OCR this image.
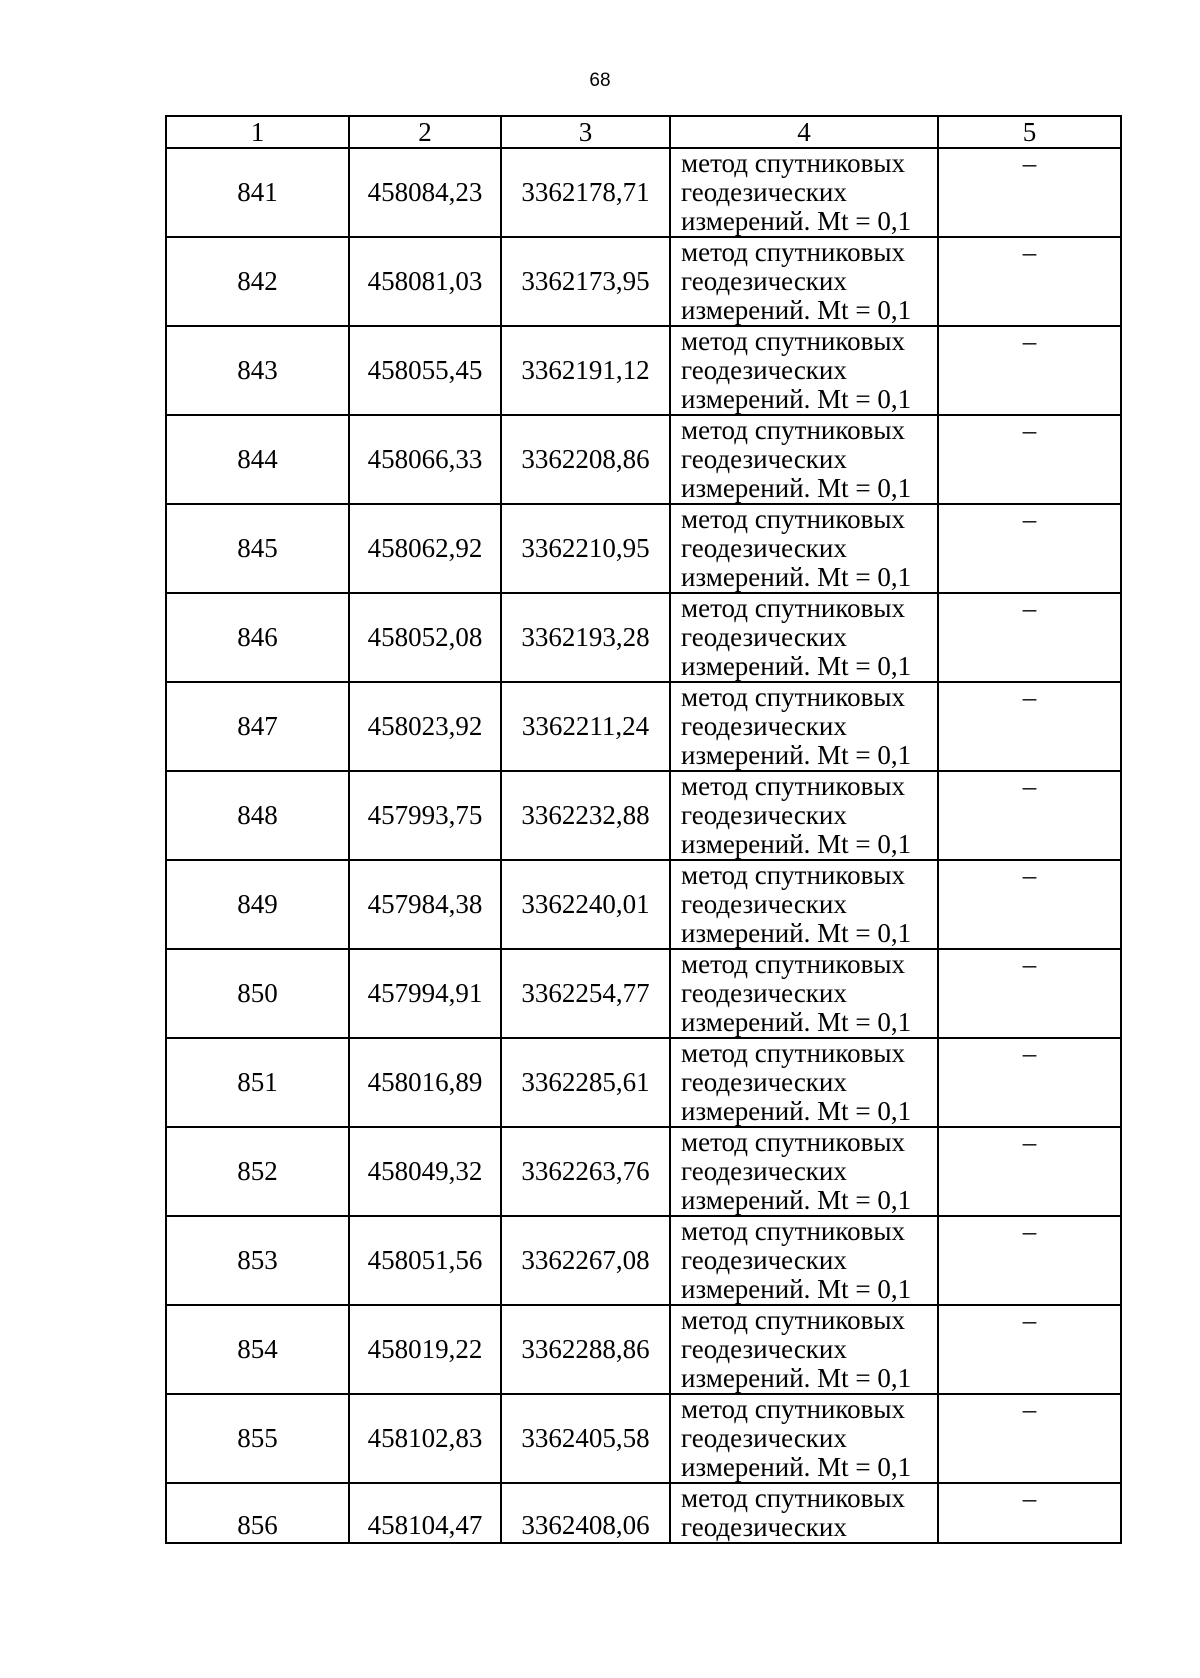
68
1	2	3	4	5
841	458084,23	3362178,71	метод спутниковых
геодезических
измерений. Mt = 0,1	–
842	458081,03	3362173,95	метод спутниковых
геодезических
измерений. Mt = 0,1	–
843	458055,45	3362191,12	метод спутниковых
геодезических
измерений. Mt = 0,1	–
844	458066,33	3362208,86	метод спутниковых
геодезических
измерений. Mt = 0,1	–
845	458062,92	3362210,95	метод спутниковых
геодезических
измерений. Mt = 0,1	–
846	458052,08	3362193,28	метод спутниковых
геодезических
измерений. Mt = 0,1	–
847	458023,92	3362211,24	метод спутниковых
геодезических
измерений. Mt = 0,1	–
848	457993,75	3362232,88	метод спутниковых
геодезических
измерений. Mt = 0,1	–
849	457984,38	3362240,01	метод спутниковых
геодезических
измерений. Mt = 0,1	–
850	457994,91	3362254,77	метод спутниковых
геодезических
измерений. Mt = 0,1	–
851	458016,89	3362285,61	метод спутниковых
геодезических
измерений. Mt = 0,1	–
852	458049,32	3362263,76	метод спутниковых
геодезических
измерений. Mt = 0,1	–
853	458051,56	3362267,08	метод спутниковых
геодезических
измерений. Mt = 0,1	–
854	458019,22	3362288,86	метод спутниковых
геодезических
измерений. Mt = 0,1	–
855	458102,83	3362405,58	метод спутниковых
геодезических
измерений. Mt = 0,1	–
856	458104,47	3362408,06	метод спутниковых
геодезических	–
